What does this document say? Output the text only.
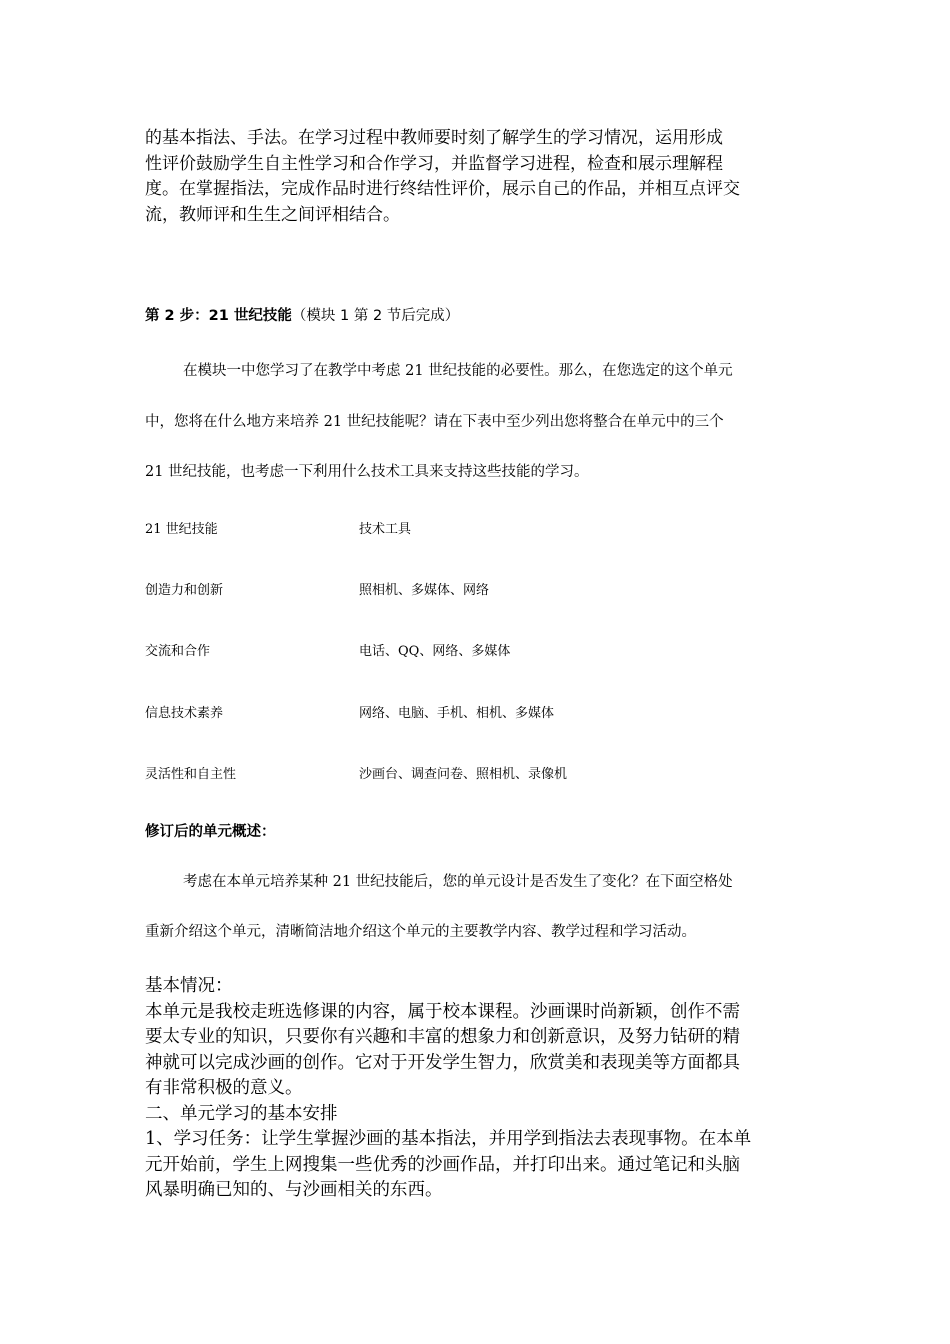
的基本指法、手法。在学习过程中教师要时刻了解学生的学习情况，运用形成
性评价鼓励学生自主性学习和合作学习，并监督学习进程，检查和展示理解程
度。在掌握指法，完成作品时进行终结性评价，展示自己的作品，并相互点评交
流，教师评和生生之间评相结合。
第 2 步：21 世纪技能（模块 1 第 2 节后完成）
在模块一中您学习了在教学中考虑 21 世纪技能的必要性。那么，在您选定的这个单元
中，您将在什么地方来培养 21 世纪技能呢？请在下表中至少列出您将整合在单元中的三个
21 世纪技能，也考虑一下利用什么技术工具来支持这些技能的学习。
21 世纪技能	技术工具
创造力和创新	照相机、多媒体、网络
交流和合作	电话、QQ、网络、多媒体
信息技术素养	网络、电脑、手机、相机、多媒体
灵活性和自主性	沙画台、调查问卷、照相机、录像机
修订后的单元概述：
考虑在本单元培养某种 21 世纪技能后，您的单元设计是否发生了变化？在下面空格处
重新介绍这个单元，清晰简洁地介绍这个单元的主要教学内容、教学过程和学习活动。
基本情况：
本单元是我校走班选修课的内容，属于校本课程。沙画课时尚新颖，创作不需
要太专业的知识，只要你有兴趣和丰富的想象力和创新意识，及努力钻研的精
神就可以完成沙画的创作。它对于开发学生智力，欣赏美和表现美等方面都具
有非常积极的意义。
二、单元学习的基本安排
1、学习任务：让学生掌握沙画的基本指法，并用学到指法去表现事物。在本单
元开始前，学生上网搜集一些优秀的沙画作品，并打印出来。通过笔记和头脑
风暴明确已知的、与沙画相关的东西。
